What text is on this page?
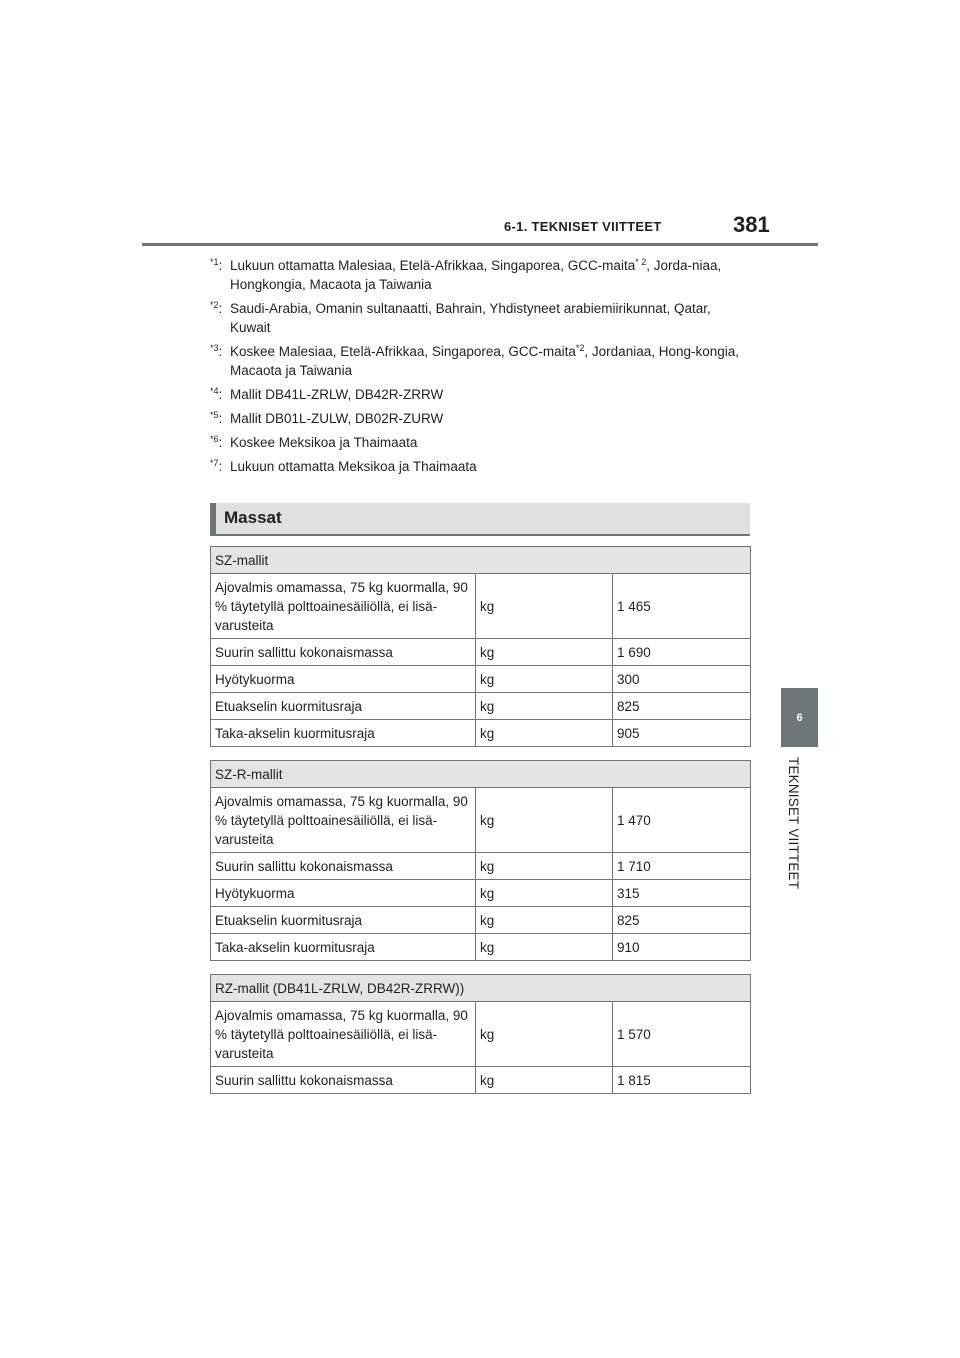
6-1. TEKNISET VIITTEET	381
6
TEKNISET VIITTEET
$^{*1}$: Lukuun ottamatta Malesiaa, Etelä-Afrikkaa, Singaporea, GCC-maita$^{* 2}$, Jorda-niaa, Hongkongia, Macaota ja Taiwania
$^{*2}$: Saudi-Arabia, Omanin sultanaatti, Bahrain, Yhdistyneet arabiemiirikunnat, Qatar, Kuwait
$^{*3}$: Koskee Malesiaa, Etelä-Afrikkaa, Singaporea, GCC-maita$^{*2}$, Jordaniaa, Hong-kongia, Macaota ja Taiwania
$^{*4}$: Mallit DB41L-ZRLW, DB42R-ZRRW
$^{*5}$: Mallit DB01L-ZULW, DB02R-ZURW
$^{*6}$: Koskee Meksikoa ja Thaimaata
$^{*7}$: Lukuun ottamatta Meksikoa ja Thaimaata
Massat
SZ-mallit		
Ajovalmis omamassa, 75 kg kuormalla, 90 % täytetyllä polttoainesäiliöllä, ei lisä-varusteita	kg	1 465
Suurin sallittu kokonaismassa	kg	1 690
Hyötykuorma	kg	300
Etuakselin kuormitusraja	kg	825
Taka-akselin kuormitusraja	kg	905
SZ-R-mallit		
Ajovalmis omamassa, 75 kg kuormalla, 90 % täytetyllä polttoainesäiliöllä, ei lisä-varusteita	kg	1 470
Suurin sallittu kokonaismassa	kg	1 710
Hyötykuorma	kg	315
Etuakselin kuormitusraja	kg	825
Taka-akselin kuormitusraja	kg	910
RZ-mallit (DB41L-ZRLW, DB42R-ZRRW))		
Ajovalmis omamassa, 75 kg kuormalla, 90 % täytetyllä polttoainesäiliöllä, ei lisä-varusteita	kg	1 570
Suurin sallittu kokonaismassa	kg	1 815
